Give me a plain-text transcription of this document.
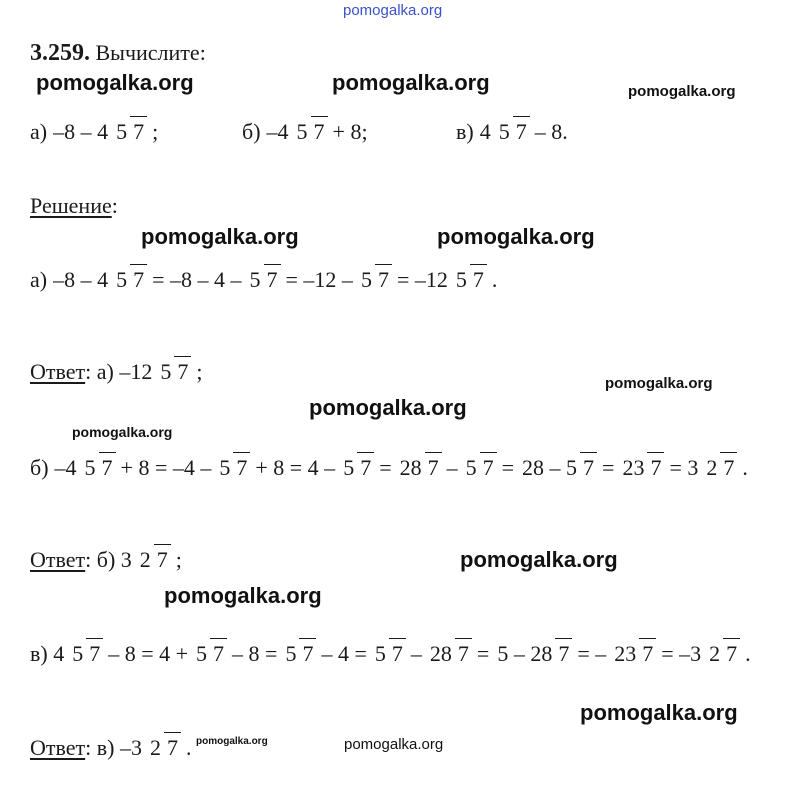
pomogalka.org
pomogalka.org	pomogalka.org	pomogalka.org
pomogalka.org	pomogalka.org
pomogalka.org
pomogalka.org
pomogalka.org
pomogalka.org
pomogalka.org
pomogalka.org
pomogalka.org	pomogalka.org
3.259. Вычислите:
а) –8 – 4 5 7 ;	б) –4 5 7 + 8;	в) 4 5 7 – 8.
Решение:
а) –8 – 4 5 7 = –8 – 4 – 5 7 = –12 – 5 7 = –12 5 7 .
Ответ : а) –12 5 7 ;
б) –4 5 7 + 8 = –4 – 5 7 + 8 = 4 – 5 7 = 28 7 – 5 7 = 28 – 5 7 = 23 7 = 3 2 7 .
Ответ : б) 3 2 7 ;
в) 4 5 7 – 8 = 4 + 5 7 – 8 = 5 7 – 4 = 5 7 – 28 7 = 5 – 28 7 = – 23 7 = –3 2 7 .
Ответ : в) –3 2 7 .
